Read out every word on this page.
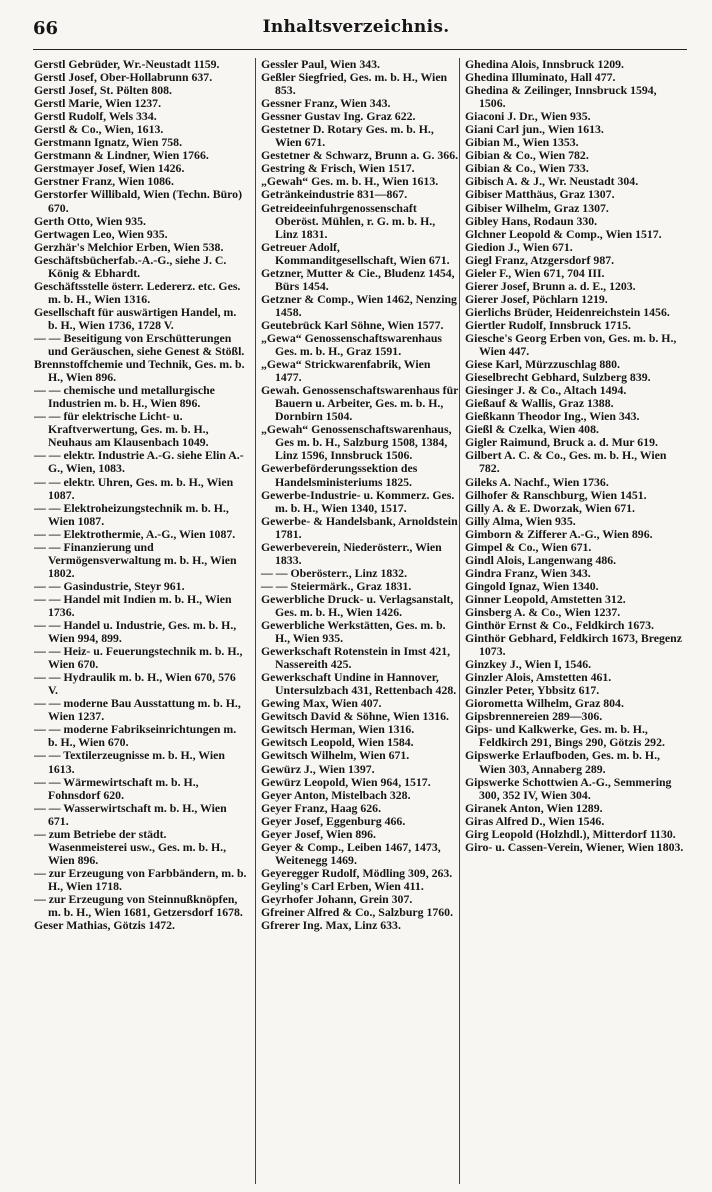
66	Inhaltsverzeichnis.

Gerstl Gebrüder, Wr.-Neustadt 1159.

Gerstl Josef, Ober-Hollabrunn 637.

Gerstl Josef, St. Pölten 808.

Gerstl Marie, Wien 1237.

Gerstl Rudolf, Wels 334.

Gerstl & Co., Wien, 1613.

Gerstmann Ignatz, Wien 758.

Gerstmann & Lindner, Wien 1766.

Gerstmayer Josef, Wien 1426.

Gerstner Franz, Wien 1086.

Gerstorfer Willibald, Wien (Techn. Büro) 670.

Gerth Otto, Wien 935.

Gertwagen Leo, Wien 935.

Gerzhär's Melchior Erben, Wien 538.

Geschäftsbücherfab.-A.-G., siehe J. C. König & Ebhardt.

Geschäftsstelle österr. Ledererz. etc. Ges. m. b. H., Wien 1316.

Gesellschaft für auswärtigen Handel, m. b. H., Wien 1736, 1728 V.

— — Beseitigung von Erschütterungen und Geräuschen, siehe Genest & Stößl.

Brennstoffchemie und Technik, Ges. m. b. H., Wien 896.

— — chemische und metallurgische Industrien m. b. H., Wien 896.

— — für elektrische Licht- u. Kraftverwertung, Ges. m. b. H., Neuhaus am Klausenbach 1049.

— — elektr. Industrie A.-G. siehe Elin A.-G., Wien, 1083.

— — elektr. Uhren, Ges. m. b. H., Wien 1087.

— — Elektroheizungstechnik m. b. H., Wien 1087.

— — Elektrothermie, A.-G., Wien 1087.

— — Finanzierung und Vermögensverwaltung m. b. H., Wien 1802.

— — Gasindustrie, Steyr 961.

— — Handel mit Indien m. b. H., Wien 1736.

— — Handel u. Industrie, Ges. m. b. H., Wien 994, 899.

— — Heiz- u. Feuerungstechnik m. b. H., Wien 670.

— — Hydraulik m. b. H., Wien 670, 576 V.

— — moderne Bau Ausstattung m. b. H., Wien 1237.

— — moderne Fabrikseinrichtungen m. b. H., Wien 670.

— — Textilerzeugnisse m. b. H., Wien 1613.

— — Wärmewirtschaft m. b. H., Fohnsdorf 620.

— — Wasserwirtschaft m. b. H., Wien 671.

— zum Betriebe der städt. Wasenmeisterei usw., Ges. m. b. H., Wien 896.

— zur Erzeugung von Farbbändern, m. b. H., Wien 1718.

— zur Erzeugung von Steinnußknöpfen, m. b. H., Wien 1681, Getzersdorf 1678.

Geser Mathias, Götzis 1472.

Gessler Paul, Wien 343.

Geßler Siegfried, Ges. m. b. H., Wien 853.

Gessner Franz, Wien 343.

Gessner Gustav Ing. Graz 622.

Gestetner D. Rotary Ges. m. b. H., Wien 671.

Gestetner & Schwarz, Brunn a. G. 366.

Gestring & Frisch, Wien 1517.

„Gewah“ Ges. m. b. H., Wien 1613.

Getränkeindustrie 831—867.

Getreideeinfuhrgenossenschaft Oberöst. Mühlen, r. G. m. b. H., Linz 1831.

Getreuer Adolf, Kommanditgesellschaft, Wien 671.

Getzner, Mutter & Cie., Bludenz 1454, Bürs 1454.

Getzner & Comp., Wien 1462, Nenzing 1458.

Geutebrück Karl Söhne, Wien 1577.

„Gewa“ Genossenschaftswarenhaus Ges. m. b. H., Graz 1591.

„Gewa“ Strickwarenfabrik, Wien 1477.

Gewah. Genossenschaftswarenhaus für Bauern u. Arbeiter, Ges. m. b. H., Dornbirn 1504.

„Gewah“ Genossenschaftswarenhaus, Ges m. b. H., Salzburg 1508, 1384, Linz 1596, Innsbruck 1506.

Gewerbeförderungssektion des Handelsministeriums 1825.

Gewerbe-Industrie- u. Kommerz. Ges. m. b. H., Wien 1340, 1517.

Gewerbe- & Handelsbank, Arnoldstein 1781.

Gewerbeverein, Niederösterr., Wien 1833.

— — Oberösterr., Linz 1832.

— — Steiermärk., Graz 1831.

Gewerbliche Druck- u. Verlagsanstalt, Ges. m. b. H., Wien 1426.

Gewerbliche Werkstätten, Ges. m. b. H., Wien 935.

Gewerkschaft Rotenstein in Imst 421, Nassereith 425.

Gewerkschaft Undine in Hannover, Untersulzbach 431, Rettenbach 428.

Gewing Max, Wien 407.

Gewitsch David & Söhne, Wien 1316.

Gewitsch Herman, Wien 1316.

Gewitsch Leopold, Wien 1584.

Gewitsch Wilhelm, Wien 671.

Gewürz J., Wien 1397.

Gewürz Leopold, Wien 964, 1517.

Geyer Anton, Mistelbach 328.

Geyer Franz, Haag 626.

Geyer Josef, Eggenburg 466.

Geyer Josef, Wien 896.

Geyer & Comp., Leiben 1467, 1473, Weitenegg 1469.

Geyeregger Rudolf, Mödling 309, 263.

Geyling's Carl Erben, Wien 411.

Geyrhofer Johann, Grein 307.

Gfreiner Alfred & Co., Salzburg 1760.

Gfrerer Ing. Max, Linz 633.

Ghedina Alois, Innsbruck 1209.

Ghedina Illuminato, Hall 477.

Ghedina & Zeilinger, Innsbruck 1594, 1506.

Giaconi J. Dr., Wien 935.

Giani Carl jun., Wien 1613.

Gibian M., Wien 1353.

Gibian & Co., Wien 782.

Gibian & Co., Wien 733.

Gibisch A. & J., Wr. Neustadt 304.

Gibiser Matthäus, Graz 1307.

Gibiser Wilhelm, Graz 1307.

Gibley Hans, Rodaun 330.

Glchner Leopold & Comp., Wien 1517.

Giedion J., Wien 671.

Giegl Franz, Atzgersdorf 987.

Gieler F., Wien 671, 704 III.

Gierer Josef, Brunn a. d. E., 1203.

Gierer Josef, Pöchlarn 1219.

Gierlichs Brüder, Heidenreichstein 1456.

Giertler Rudolf, Innsbruck 1715.

Giesche's Georg Erben von, Ges. m. b. H., Wien 447.

Giese Karl, Mürzzuschlag 880.

Gieselbrecht Gebhard, Sulzberg 839.

Giesinger J. & Co., Altach 1494.

Gießauf & Wallis, Graz 1388.

Gießkann Theodor Ing., Wien 343.

Gießl & Czelka, Wien 408.

Gigler Raimund, Bruck a. d. Mur 619.

Gilbert A. C. & Co., Ges. m. b. H., Wien 782.

Gileks A. Nachf., Wien 1736.

Gilhofer & Ranschburg, Wien 1451.

Gilly A. & E. Dworzak, Wien 671.

Gilly Alma, Wien 935.

Gimborn & Zifferer A.-G., Wien 896.

Gimpel & Co., Wien 671.

Gindl Alois, Langenwang 486.

Gindra Franz, Wien 343.

Gingold Ignaz, Wien 1340.

Ginner Leopold, Amstetten 312.

Ginsberg A. & Co., Wien 1237.

Ginthör Ernst & Co., Feldkirch 1673.

Ginthör Gebhard, Feldkirch 1673, Bregenz 1073.

Ginzkey J., Wien I, 1546.

Ginzler Alois, Amstetten 461.

Ginzler Peter, Ybbsitz 617.

Giorometta Wilhelm, Graz 804.

Gipsbrennereien 289—306.

Gips- und Kalkwerke, Ges. m. b. H., Feldkirch 291, Bings 290, Götzis 292.

Gipswerke Erlaufboden, Ges. m. b. H., Wien 303, Annaberg 289.

Gipswerke Schottwien A.-G., Semmering 300, 352 IV, Wien 304.

Giranek Anton, Wien 1289.

Giras Alfred D., Wien 1546.

Girg Leopold (Holzhdl.), Mitterdorf 1130.

Giro- u. Cassen-Verein, Wiener, Wien 1803.
